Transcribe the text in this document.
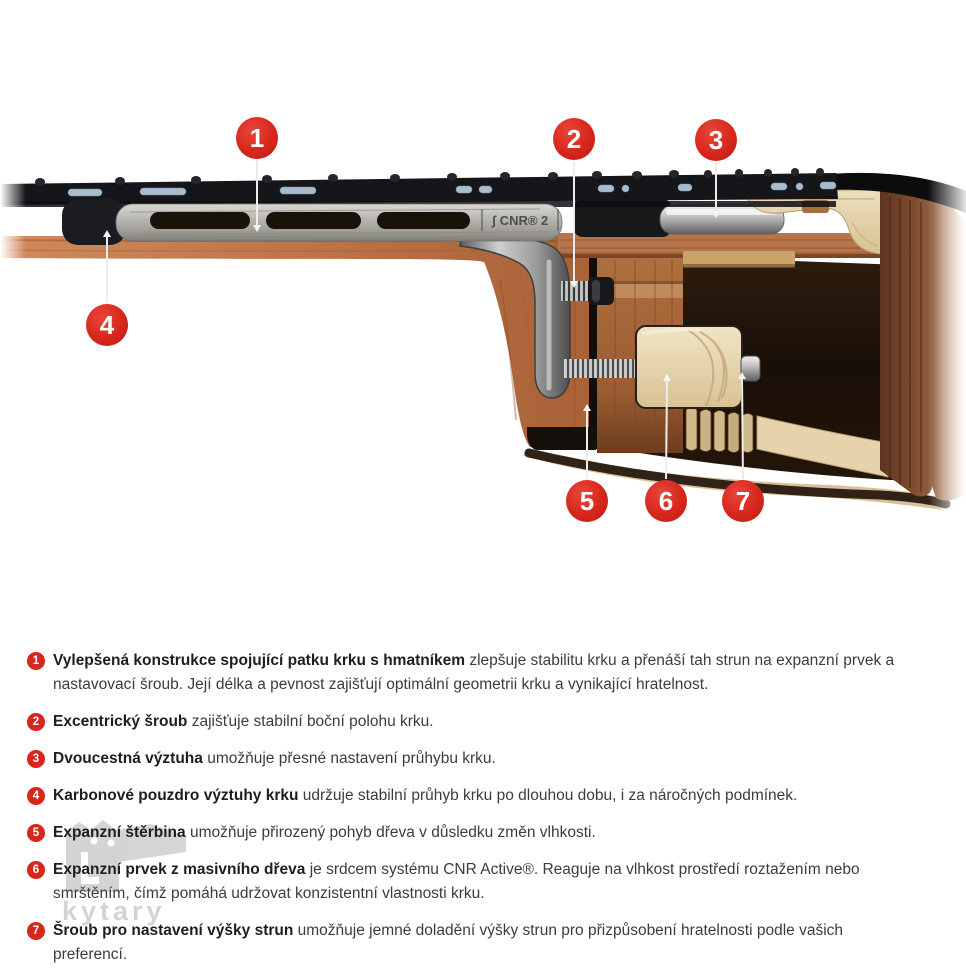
ʃ CNR® 2
1	2	3
4
5 6 7
kytary
1 Vylepšená konstrukce spojující patku krku s hmatníkem zlepšuje stabilitu krku a přenáší tah strun na expanzní prvek a nastavovací šroub. Její délka a pevnost zajišťují optimální geometrii krku a vynikající hratelnost.

2 Excentrický šroub zajišťuje stabilní boční polohu krku.

3 Dvoucestná výztuha umožňuje přesné nastavení průhybu krku.

4 Karbonové pouzdro výztuhy krku udržuje stabilní průhyb krku po dlouhou dobu, i za náročných podmínek.

5 Expanzní štěrbina umožňuje přirozený pohyb dřeva v důsledku změn vlhkosti.

6 Expanzní prvek z masivního dřeva je srdcem systému CNR Active®. Reaguje na vlhkost prostředí roztažením nebo smrštěním, čímž pomáhá udržovat konzistentní vlastnosti krku.

7 Šroub pro nastavení výšky strun umožňuje jemné doladění výšky strun pro přizpůsobení hratelnosti podle vašich preferencí.
